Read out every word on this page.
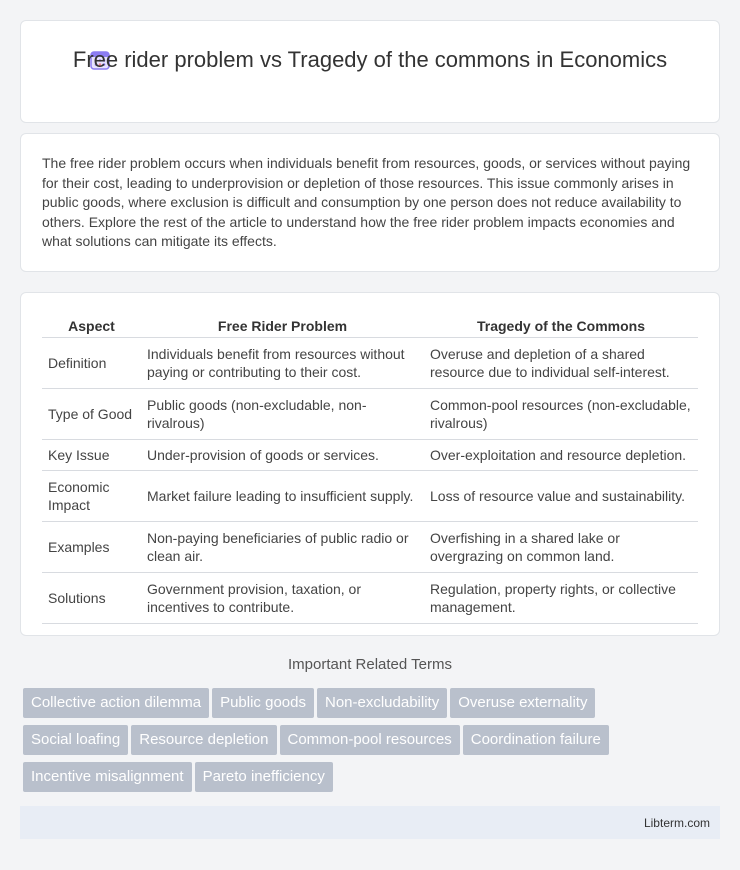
Free rider problem vs Tragedy of the commons in Economics

The free rider problem occurs when individuals benefit from resources, goods, or services without paying for their cost, leading to underprovision or depletion of those resources. This issue commonly arises in public goods, where exclusion is difficult and consumption by one person does not reduce availability to others. Explore the rest of the article to understand how the free rider problem impacts economies and what solutions can mitigate its effects.

Aspect	Free Rider Problem	Tragedy of the Commons
Definition	Individuals benefit from resources without paying or contributing to their cost.	Overuse and depletion of a shared resource due to individual self-interest.
Type of Good	Public goods (non-excludable, non-rivalrous)	Common-pool resources (non-excludable, rivalrous)
Key Issue	Under-provision of goods or services.	Over-exploitation and resource depletion.
Economic Impact	Market failure leading to insufficient supply.	Loss of resource value and sustainability.
Examples	Non-paying beneficiaries of public radio or clean air.	Overfishing in a shared lake or overgrazing on common land.
Solutions	Government provision, taxation, or incentives to contribute.	Regulation, property rights, or collective management.
Important Related Terms
Collective action dilemma Public goods Non-excludability Overuse externality
Social loafing Resource depletion Common-pool resources Coordination failure
Incentive misalignment Pareto inefficiency
Libterm.com
